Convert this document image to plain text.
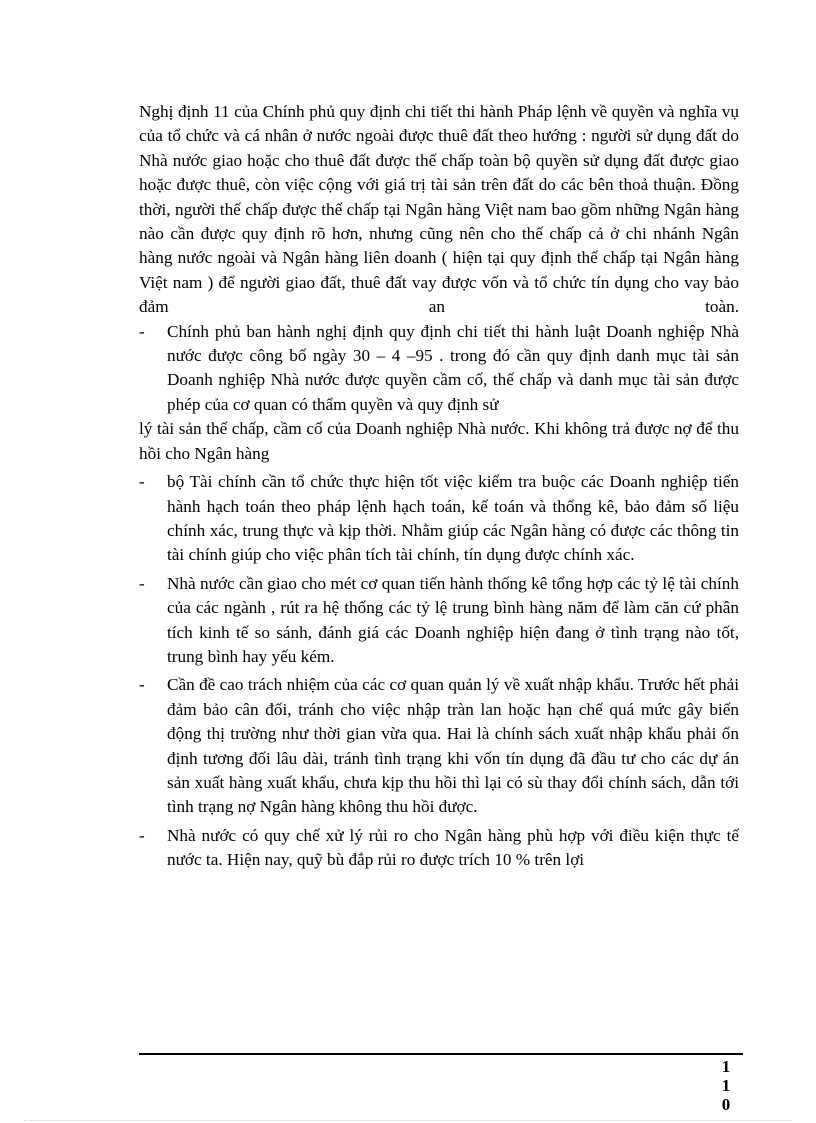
Nghị định 11 của Chính phủ quy định chi tiết thi hành Pháp lệnh về quyền và nghĩa vụ của tổ chức và cá nhân ở nước ngoài được thuê đất theo hướng : người sử dụng đất do Nhà nước giao hoặc cho thuê đất được thế chấp toàn bộ quyền sử dụng đất được giao hoặc được thuê, còn việc cộng với giá trị tài sản trên đất do các bên thoả thuận. Đồng thời, người thế chấp được thế chấp tại Ngân hàng Việt nam bao gồm những Ngân hàng nào cần được quy định rõ hơn, nhưng cũng nên cho thế chấp cả ở chi nhánh Ngân hàng nước ngoài và Ngân hàng liên doanh ( hiện tại quy định thế chấp tại Ngân hàng Việt nam ) để người giao đất, thuê đất vay được vốn và tổ chức tín dụng cho vay bảo đảm an toàn.

- Chính phủ ban hành nghị định quy định chi tiết thi hành luật Doanh nghiệp Nhà nước được công bố ngày 30 – 4 –95 . trong đó cần quy định danh mục tài sản Doanh nghiệp Nhà nước được quyền cầm cố, thế chấp và danh mục tài sản được phép của cơ quan có thẩm quyền và quy định sử

lý tài sản thế chấp, cầm cố của Doanh nghiệp Nhà nước. Khi không trả được nợ để thu hồi cho Ngân hàng

- bộ Tài chính cần tổ chức thực hiện tốt việc kiểm tra buộc các Doanh nghiệp tiến hành hạch toán theo pháp lệnh hạch toán, kế toán và thống kê, bảo đảm số liệu chính xác, trung thực và kịp thời. Nhằm giúp các Ngân hàng có được các thông tin tài chính giúp cho việc phân tích tài chính, tín dụng được chính xác.
- Nhà nước cần giao cho mét cơ quan tiến hành thống kê tổng hợp các tỷ lệ tài chính của các ngành , rút ra hệ thống các tỷ lệ trung bình hàng năm để làm căn cứ phân tích kinh tế so sánh, đánh giá các Doanh nghiệp hiện đang ở tình trạng nào tốt, trung bình hay yếu kém.
- Cần đề cao trách nhiệm của các cơ quan quản lý về xuất nhập khẩu. Trước hết phải đảm bảo cân đối, tránh cho việc nhập tràn lan hoặc hạn chế quá mức gây biến động thị trường như thời gian vừa qua. Hai là chính sách xuất nhập khẩu phải ổn định tương đối lâu dài, tránh tình trạng khi vốn tín dụng đã đầu tư cho các dự án sản xuất hàng xuất khẩu, chưa kịp thu hồi thì lại có sù thay đổi chính sách, dẫn tới tình trạng nợ Ngân hàng không thu hồi được.
- Nhà nước có quy chế xử lý rủi ro cho Ngân hàng phù hợp với điều kiện thực tế nước ta. Hiện nay, quỹ bù đắp rủi ro được trích 10 % trên lợi
1
1
0
